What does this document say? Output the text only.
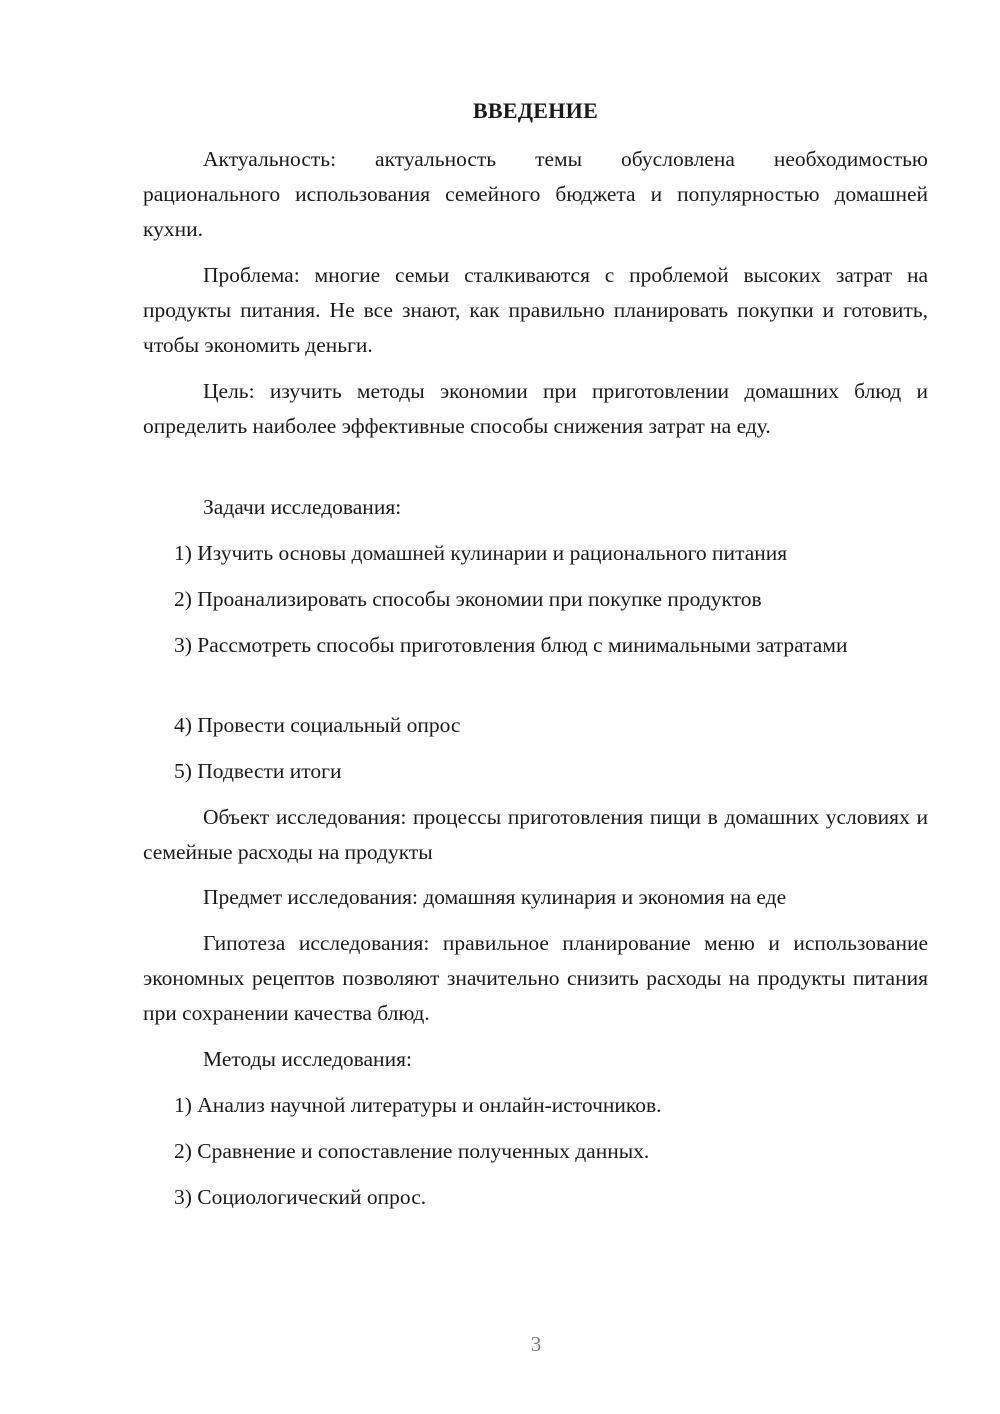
ВВЕДЕНИЕ

Актуальность: актуальность темы обусловлена необходимостью рационального использования семейного бюджета и популярностью домашней кухни.

Проблема: многие семьи сталкиваются с проблемой высоких затрат на продукты питания. Не все знают, как правильно планировать покупки и готовить, чтобы экономить деньги.

Цель: изучить методы экономии при приготовлении домашних блюд и определить наиболее эффективные способы снижения затрат на еду.

Задачи исследования:

1) Изучить основы домашней кулинарии и рационального питания

2) Проанализировать способы экономии при покупке продуктов

3) Рассмотреть способы приготовления блюд с минимальными затратами

4) Провести социальный опрос

5) Подвести итоги

Объект исследования: процессы приготовления пищи в домашних условиях и семейные расходы на продукты

Предмет исследования: домашняя кулинария и экономия на еде

Гипотеза исследования: правильное планирование меню и использование экономных рецептов позволяют значительно снизить расходы на продукты питания при сохранении качества блюд.

Методы исследования:

1) Анализ научной литературы и онлайн-источников.

2) Сравнение и сопоставление полученных данных.

3) Социологический опрос.

3
